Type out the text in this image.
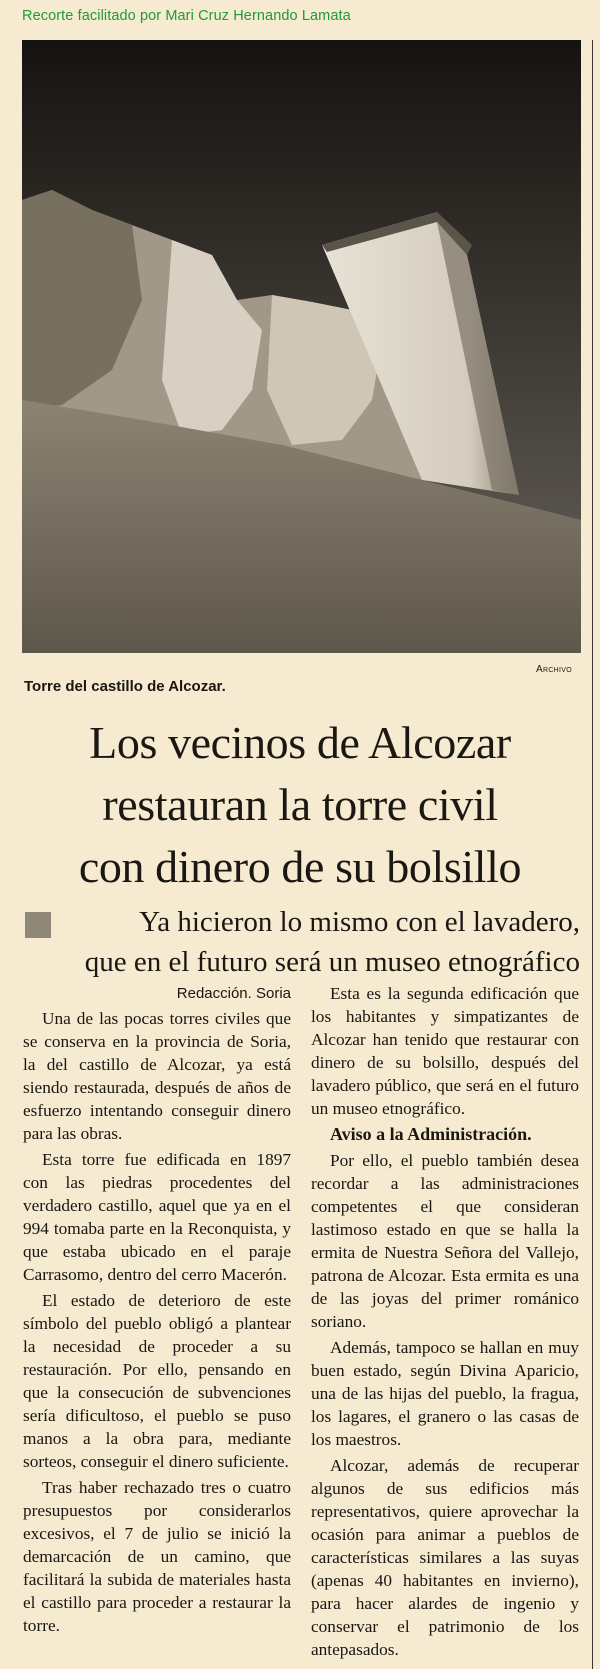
Recorte facilitado por Mari Cruz Hernando Lamata
Archivo
Torre del castillo de Alcozar.
Los vecinos de Alcozar
restauran la torre civil
con dinero de su bolsillo
Ya hicieron lo mismo con el lavadero,
que en el futuro será un museo etnográfico

Redacción. Soria

Una de las pocas torres civiles que se conserva en la provincia de Soria, la del castillo de Alcozar, ya está siendo restaurada, después de años de esfuerzo intentando conseguir dinero para las obras.

Esta torre fue edificada en 1897 con las piedras procedentes del verdadero castillo, aquel que ya en el 994 tomaba parte en la Reconquista, y que estaba ubicado en el paraje Carrasomo, dentro del cerro Macerón.

El estado de deterioro de este símbolo del pueblo obligó a plantear la necesidad de proceder a su restauración. Por ello, pensando en que la consecución de subvenciones sería dificultoso, el pueblo se puso manos a la obra para, mediante sorteos, conseguir el dinero suficiente.

Tras haber rechazado tres o cuatro presupuestos por considerarlos excesivos, el 7 de julio se inició la demarcación de un camino, que facilitará la subida de materiales hasta el castillo para proceder a restaurar la torre.

Esta es la segunda edificación que los habitantes y simpatizantes de Alcozar han tenido que restaurar con dinero de su bolsillo, después del lavadero público, que será en el futuro un museo etnográfico.

Aviso a la Administración.

Por ello, el pueblo también desea recordar a las administraciones competentes el que consideran lastimoso estado en que se halla la ermita de Nuestra Señora del Vallejo, patrona de Alcozar. Esta ermita es una de las joyas del primer románico soriano.

Además, tampoco se hallan en muy buen estado, según Divina Aparicio, una de las hijas del pueblo, la fragua, los lagares, el granero o las casas de los maestros.

Alcozar, además de recuperar algunos de sus edificios más representativos, quiere aprovechar la ocasión para animar a pueblos de características similares a las suyas (apenas 40 habitantes en invierno), para hacer alardes de ingenio y conservar el patrimonio de los antepasados.
